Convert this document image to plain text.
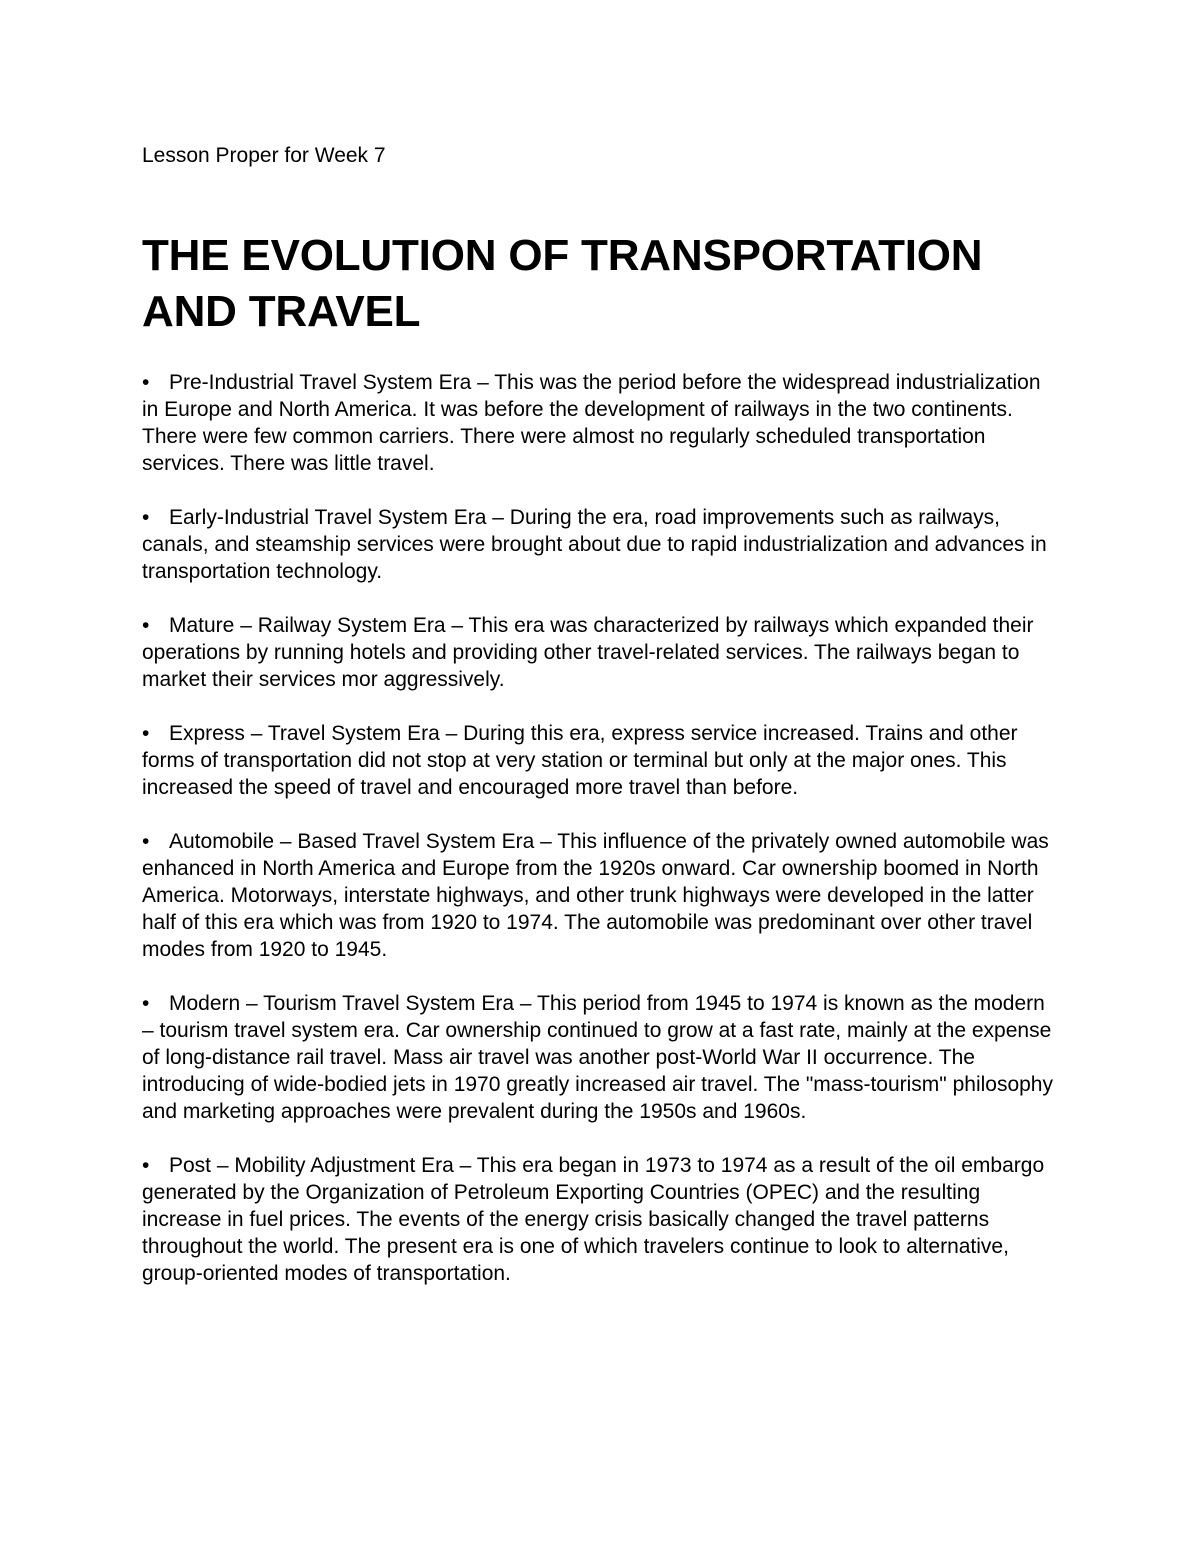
Lesson Proper for Week 7

THE EVOLUTION OF TRANSPORTATION AND TRAVEL
• Pre-Industrial Travel System Era – This was the period before the widespread industrialization in Europe and North America. It was before the development of railways in the two continents. There were few common carriers. There were almost no regularly scheduled transportation services. There was little travel.
• Early-Industrial Travel System Era – During the era, road improvements such as railways, canals, and steamship services were brought about due to rapid industrialization and advances in transportation technology.
• Mature – Railway System Era – This era was characterized by railways which expanded their operations by running hotels and providing other travel-related services. The railways began to market their services mor aggressively.
• Express – Travel System Era – During this era, express service increased. Trains and other forms of transportation did not stop at very station or terminal but only at the major ones. This increased the speed of travel and encouraged more travel than before.
• Automobile – Based Travel System Era – This influence of the privately owned automobile was enhanced in North America and Europe from the 1920s onward. Car ownership boomed in North America. Motorways, interstate highways, and other trunk highways were developed in the latter half of this era which was from 1920 to 1974. The automobile was predominant over other travel modes from 1920 to 1945.
• Modern – Tourism Travel System Era – This period from 1945 to 1974 is known as the modern – tourism travel system era. Car ownership continued to grow at a fast rate, mainly at the expense of long-distance rail travel. Mass air travel was another post-World War II occurrence. The introducing of wide-bodied jets in 1970 greatly increased air travel. The "mass-tourism" philosophy and marketing approaches were prevalent during the 1950s and 1960s.
• Post – Mobility Adjustment Era – This era began in 1973 to 1974 as a result of the oil embargo generated by the Organization of Petroleum Exporting Countries (OPEC) and the resulting increase in fuel prices. The events of the energy crisis basically changed the travel patterns throughout the world. The present era is one of which travelers continue to look to alternative, group-oriented modes of transportation.
